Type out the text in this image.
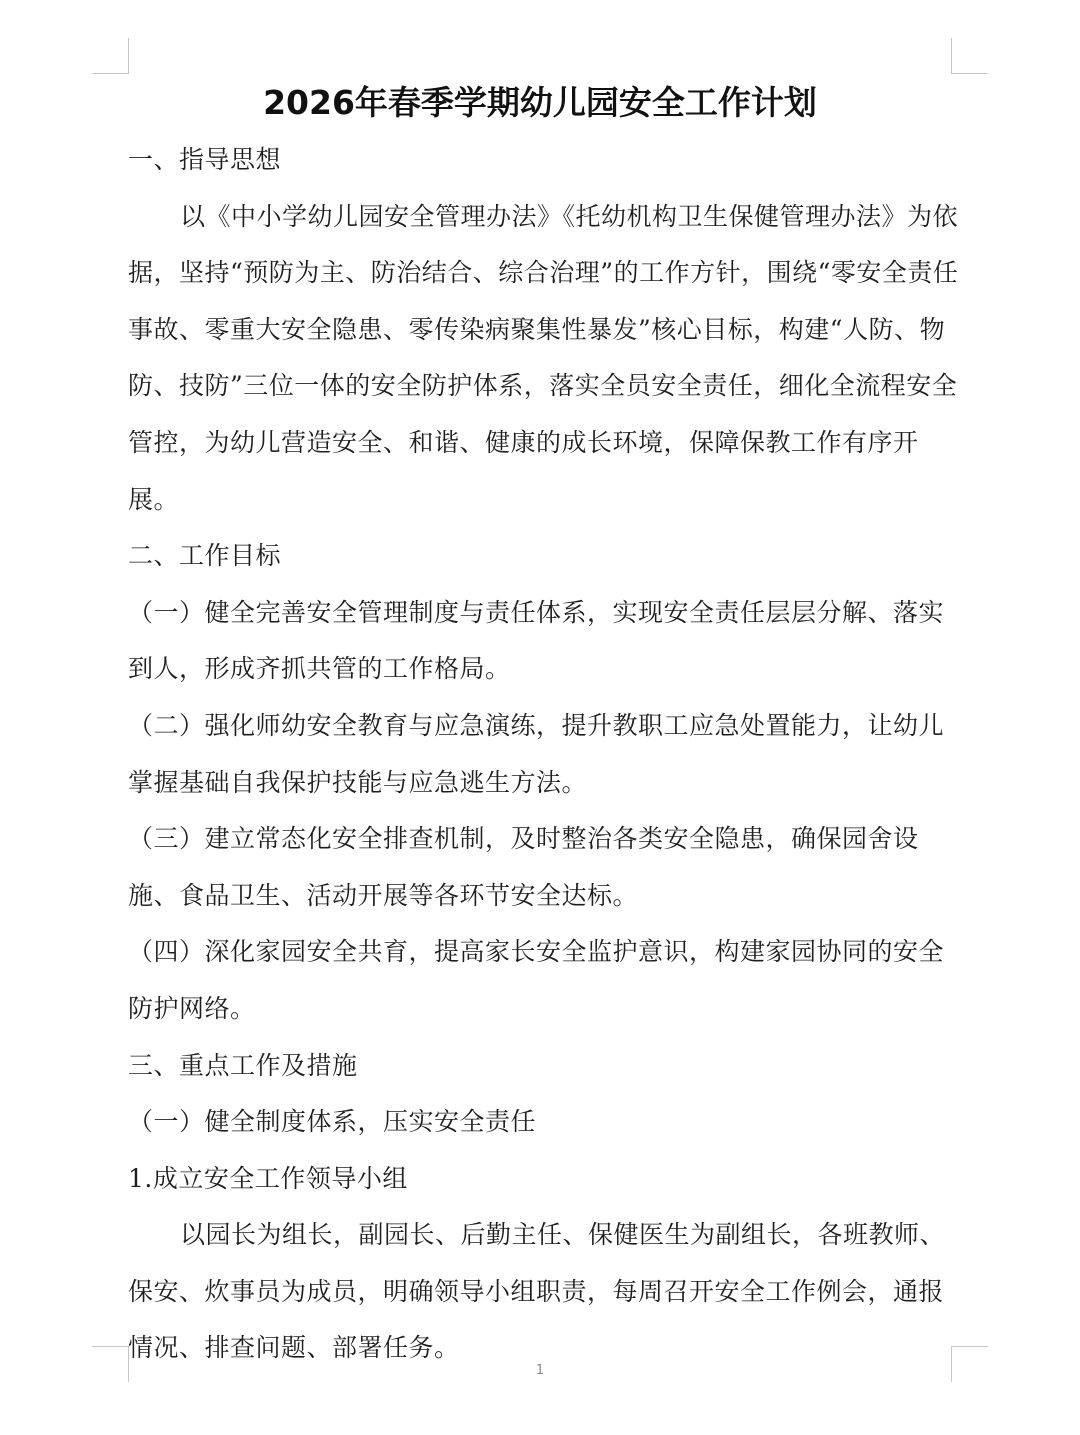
2026年春季学期幼儿园安全工作计划

一、指导思想

以《中小学幼儿园安全管理办法》《托幼机构卫生保健管理办法》为依据，坚持“预防为主、防治结合、综合治理”的工作方针，围绕“零安全责任事故、零重大安全隐患、零传染病聚集性暴发”核心目标，构建“人防、物防、技防”三位一体的安全防护体系，落实全员安全责任，细化全流程安全管控，为幼儿营造安全、和谐、健康的成长环境，保障保教工作有序开展。

二、工作目标

（一）健全完善安全管理制度与责任体系，实现安全责任层层分解、落实到人，形成齐抓共管的工作格局。

（二）强化师幼安全教育与应急演练，提升教职工应急处置能力，让幼儿掌握基础自我保护技能与应急逃生方法。

（三）建立常态化安全排查机制，及时整治各类安全隐患，确保园舍设施、食品卫生、活动开展等各环节安全达标。

（四）深化家园安全共育，提高家长安全监护意识，构建家园协同的安全防护网络。

三、重点工作及措施

（一）健全制度体系，压实安全责任

1.成立安全工作领导小组

以园长为组长，副园长、后勤主任、保健医生为副组长，各班教师、保安、炊事员为成员，明确领导小组职责，每周召开安全工作例会，通报情况、排查问题、部署任务。

1
